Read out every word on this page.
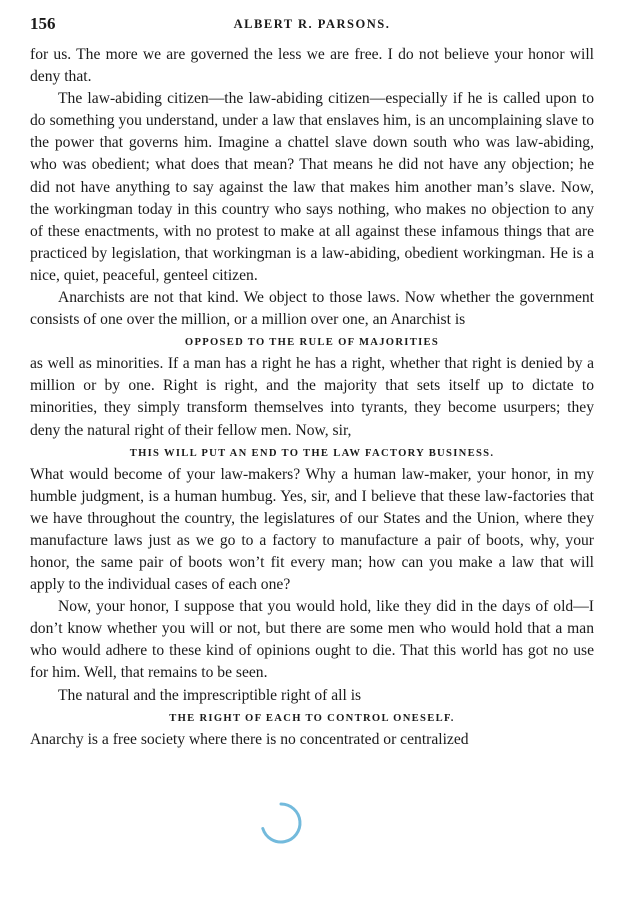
156	ALBERT R. PARSONS.

for us. The more we are governed the less we are free. I do not believe your honor will deny that.

The law-abiding citizen—the law-abiding citizen—especially if he is called upon to do something you understand, under a law that enslaves him, is an uncomplaining slave to the power that governs him. Imagine a chattel slave down south who was law-abiding, who was obedient; what does that mean? That means he did not have any objection; he did not have anything to say against the law that makes him another man’s slave. Now, the workingman today in this country who says nothing, who makes no objection to any of these enactments, with no protest to make at all against these infamous things that are practiced by legislation, that workingman is a law-abiding, obedient workingman. He is a nice, quiet, peaceful, genteel citizen.

Anarchists are not that kind. We object to those laws. Now whether the government consists of one over the million, or a million over one, an Anarchist is

OPPOSED TO THE RULE OF MAJORITIES

as well as minorities. If a man has a right he has a right, whether that right is denied by a million or by one. Right is right, and the majority that sets itself up to dictate to minorities, they simply transform themselves into tyrants, they become usurpers; they deny the natural right of their fellow men. Now, sir,

THIS WILL PUT AN END TO THE LAW FACTORY BUSINESS.

What would become of your law-makers? Why a human law-maker, your honor, in my humble judgment, is a human humbug. Yes, sir, and I believe that these law-factories that we have throughout the country, the legislatures of our States and the Union, where they manufacture laws just as we go to a factory to manufacture a pair of boots, why, your honor, the same pair of boots won’t fit every man; how can you make a law that will apply to the individual cases of each one?

Now, your honor, I suppose that you would hold, like they did in the days of old—I don’t know whether you will or not, but there are some men who would hold that a man who would adhere to these kind of opinions ought to die. That this world has got no use for him. Well, that remains to be seen.

The natural and the imprescriptible right of all is

THE RIGHT OF EACH TO CONTROL ONESELF.

Anarchy is a free society where there is no concentrated or centralized
